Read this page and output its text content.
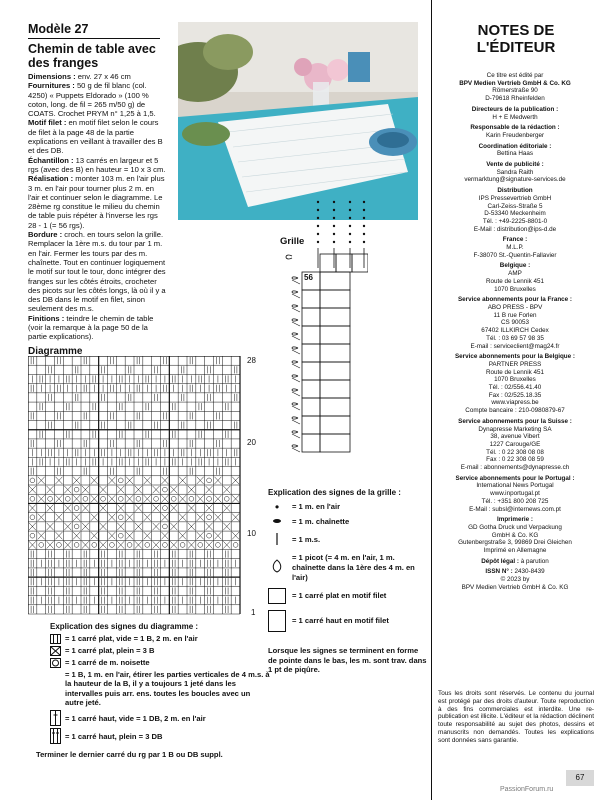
Modèle 27
Chemin de table avec
des franges

Dimensions : env. 27 x 46 cm

Fournitures : 50 g de fil blanc (col. 4250) « Puppets Eldorado » (100 % coton, long. de fil = 265 m/50 g) de COATS. Crochet PRYM n° 1,25 à 1,5.

Motif filet : en motif filet selon le cours de filet à la page 48 de la partie explications en veillant à travailler des B et des DB.

Échantillon : 13 carrés en largeur et 5 rgs (avec des B) en hauteur = 10 x 3 cm.

Réalisation : monter 103 m. en l'air plus 3 m. en l'air pour tourner plus 2 m. en l'air et continuer selon le diagramme. Le 28ème rg constitue le milieu du chemin de table puis répéter à l'inverse les rgs 28 - 1 (= 56 rgs).

Bordure : croch. en tours selon la grille. Remplacer la 1ère m.s. du tour par 1 m. en l'air. Fermer les tours par des m. chaînette. Tout en continuer logiquement le motif sur tout le tour, donc intégrer des franges sur les côtés étroits, crocheter des picots sur les côtés longs, là où il y a des DB dans le motif en filet, sinon seulement des m.s.

Finitions : teindre le chemin de table (voir la remarque à la page 50 de la partie explications).

Grille
Diagramme
28
20
10
1
Explication des signes du diagramme :
= 1 carré plat, vide = 1 B, 2 m. en l'air
= 1 carré plat, plein = 3 B
= 1 carré de m. noisette
= 1 B, 1 m. en l'air, étirer les parties verticales de 4 m.s. à la hauteur de la B, il y a toujours 1 jeté dans les intervalles puis arr. ens. toutes les boucles avec un autre jeté.
= 1 carré haut, vide = 1 DB, 2 m. en l'air
= 1 carré haut, plein = 3 DB
Terminer le dernier carré du rg par 1 B ou DB suppl.
Explication des signes de la grille :
●	= 1 m. en l'air
= 1 m. chaînette
= 1 m.s.
= 1 picot (= 4 m. en l'air, 1 m. chaînette dans la 1ère des 4 m. en l'air)
= 1 carré plat en motif filet
= 1 carré haut en motif filet
Lorsque les signes se terminent en forme de pointe dans le bas, les m. sont trav. dans 1 pt de piqûre.
NOTES DE
L'ÉDITEUR
Ce titre est édité par
BPV Medien Vertrieb GmbH & Co. KG
Römerstraße 90
D-79618 Rheinfelden
Directeurs de la publication :
H + E Medwerth
Responsable de la rédaction :
Karin Freudenberger
Coordination éditoriale :
Bettina Haas
Vente de publicité :
Sandra Raith
vermarktung@signature-services.de
Distribution
IPS Pressevertrieb GmbH
Carl-Zeiss-Straße 5
D-53340 Meckenheim
Tél. : +49-2225-8801-0
E-Mail : distribution@ips-d.de
France :
M.L.P.
F-38070 St.-Quentin-Fallavier
Belgique :
AMP
Route de Lennik 451
1070 Bruxelles
Service abonnements pour la France :
ABO PRESS - BPV
11 B rue Forlen
CS 90053
67402 ILLKIRCH Cedex
Tél. : 03 69 57 98 35
E-mail : serviceclient@mag24.fr
Service abonnements pour la Belgique :
PARTNER PRESS
Route de Lennik 451
1070 Bruxelles
Tél. : 02/556.41.40
Fax : 02/525.18.35
www.viapress.be
Compte bancaire : 210-0980879-67
Service abonnements pour la Suisse :
Dynapresse Marketing SA
38, avenue Vibert
1227 Carouge/GE
Tél. : 0 22 308 08 08
Fax : 0 22 308 08 59
E-mail : abonnements@dynapresse.ch
Service abonnements pour le Portugal :
International News Portugal
www.inportugal.pt
Tél. : +351 800 208 725
E-Mail : subsl@internews.com.pt
Imprimerie :
GD Gotha Druck und Verpackung
GmbH & Co. KG
Gutenbergstraße 3, 99869 Drei Gleichen
Imprimé en Allemagne
Dépôt légal : à parution
ISSN N° : 2430-8439
© 2023 by
BPV Medien Vertrieb GmbH & Co. KG
Tous les droits sont réservés. Le contenu du journal est protégé par des droits d'auteur. Toute reproduction à des fins commerciales est interdite. Une re-publication est illicite. L'éditeur et la rédaction déclinent toute responsabilité au sujet des photos, dessins et manuscrits non demandés. Toutes les explications sont données sans garantie.
67
PassionForum.ru
56
